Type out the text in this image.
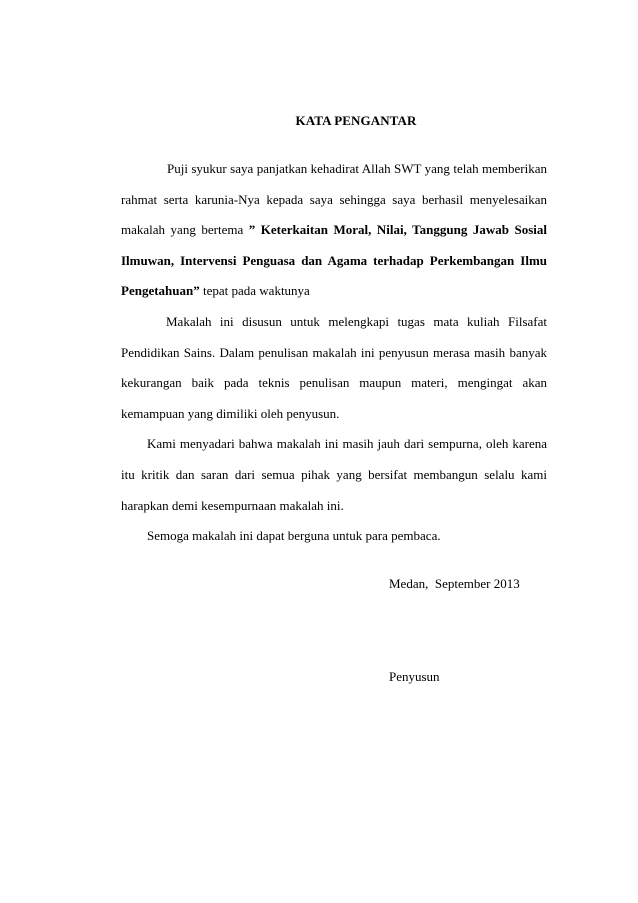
KATA PENGANTAR

Puji syukur saya panjatkan kehadirat Allah SWT yang telah memberikan rahmat serta karunia-Nya kepada saya sehingga saya berhasil menyelesaikan makalah yang bertema ” Keterkaitan Moral, Nilai, Tanggung Jawab Sosial Ilmuwan, Intervensi Penguasa dan Agama terhadap Perkembangan Ilmu Pengetahuan” tepat pada waktunya

Makalah ini disusun untuk melengkapi tugas mata kuliah Filsafat Pendidikan Sains. Dalam penulisan makalah ini penyusun merasa masih banyak kekurangan baik pada teknis penulisan maupun materi, mengingat akan kemampuan yang dimiliki oleh penyusun.

Kami menyadari bahwa makalah ini masih jauh dari sempurna, oleh karena itu kritik dan saran dari semua pihak yang bersifat membangun selalu kami harapkan demi kesempurnaan makalah ini.

Semoga makalah ini dapat berguna untuk para pembaca.

Medan,  September 2013
Penyusun
